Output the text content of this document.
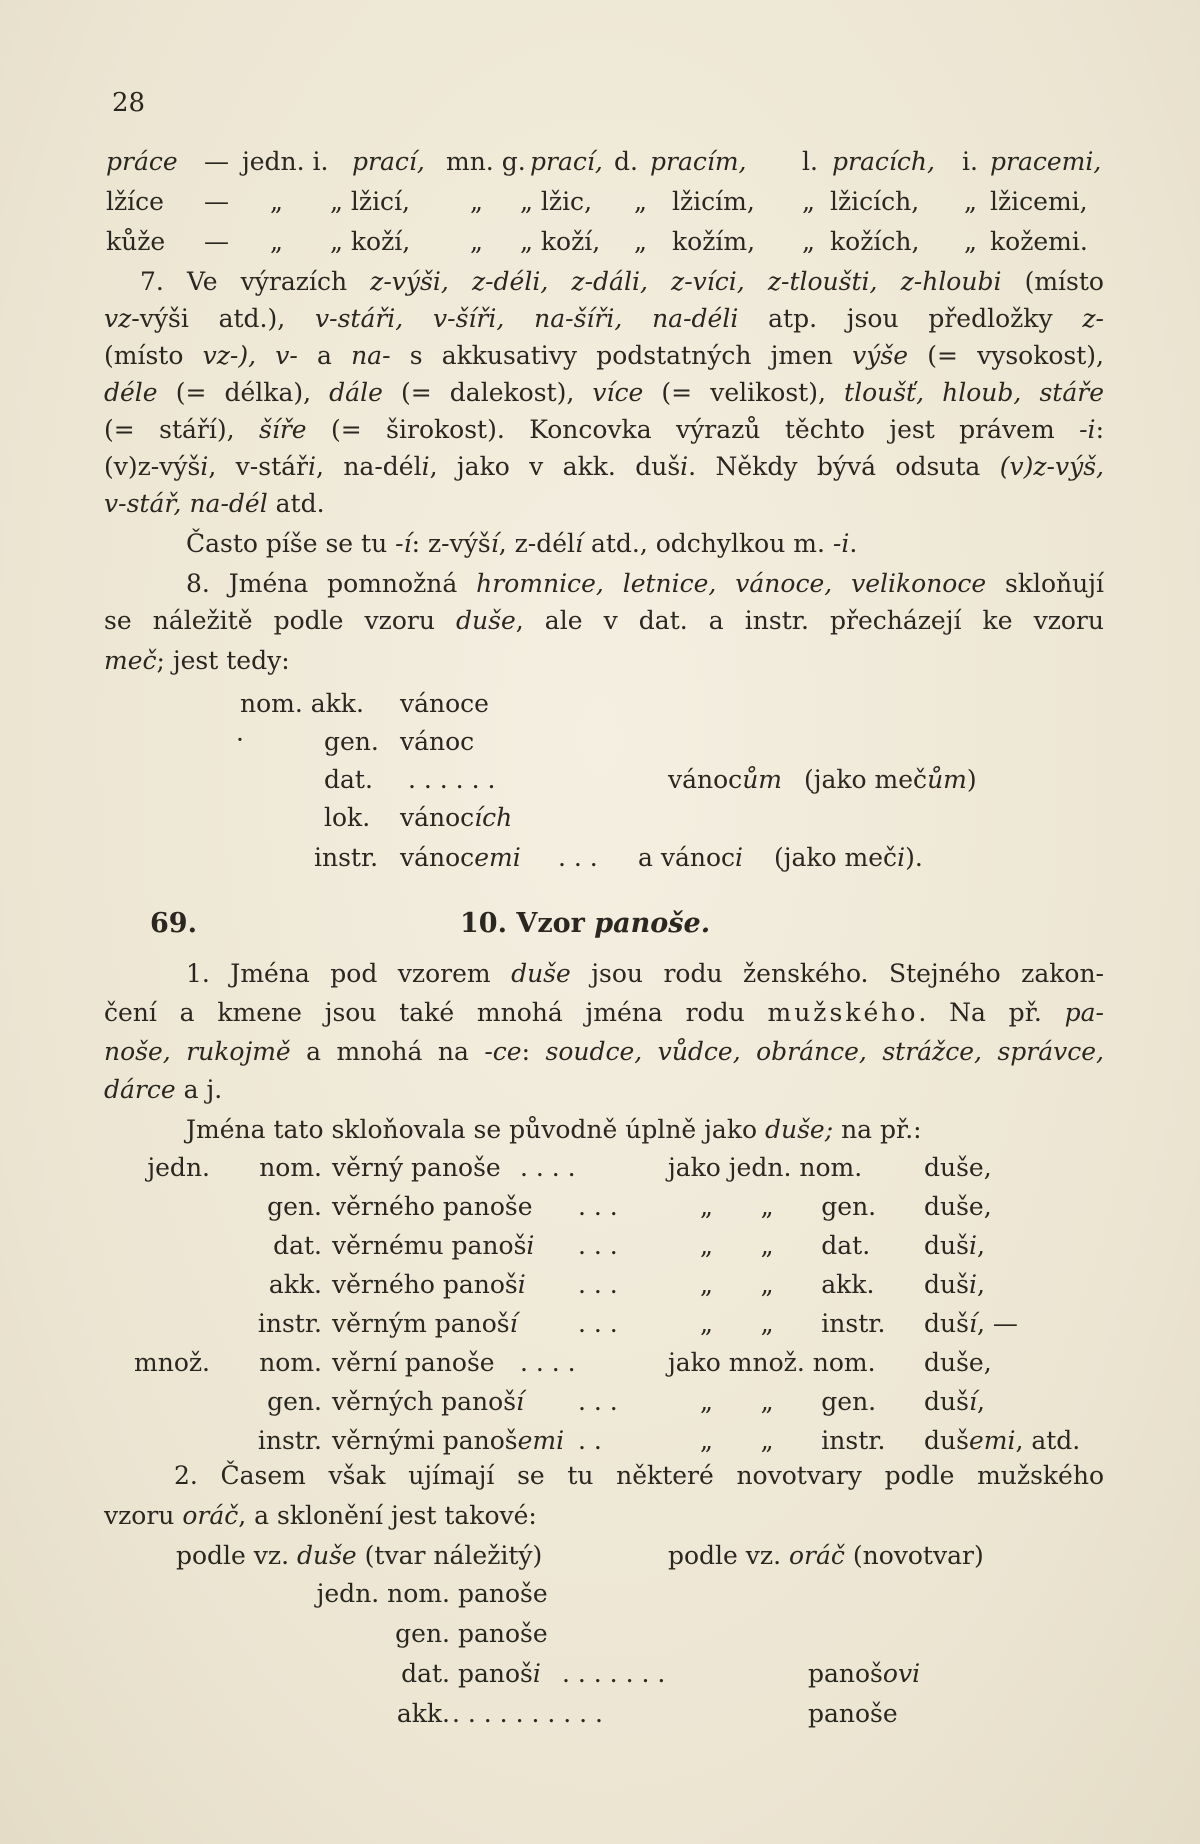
28
práce — jedn. i. prací, mn. g. prací, d. pracím, l. pracích, i. pracemi,
lžíce — „ „ lžicí, „ „ lžic, „ lžicím, „ lžicích, „ lžicemi,
kůže — „ „ koží, „ „ koží, „ kožím, „ kožích, „ kožemi.

7. Ve výrazích z-výši, z-déli, z-dáli, z-víci, z-tloušti, z-hloubi (místo

vz-výši atd.), v-stáři, v-šíři, na-šíři, na-déli atp. jsou předložky z-

(místo vz-), v- a na- s akkusativy podstatných jmen výše (= vysokost),

déle (= délka), dále (= dalekost), více (= velikost), tloušť, hloub, stáře

(= stáří), šíře (= širokost). Koncovka výrazů těchto jest právem -i:

(v)z-výši, v-stáři, na-déli, jako v akk. duši. Někdy bývá odsuta (v)z-výš,

v-stář, na-dél atd.

Často píše se tu -í: z-výší, z-délí atd., odchylkou m. -i.

8. Jména pomnožná hromnice, letnice, vánoce, velikonoce skloňují

se náležitě podle vzoru duše, ale v dat. a instr. přecházejí ke vzoru

meč; jest tedy:

nom. akk. vánoce
·	gen. vánoc
dat. . . . . . .	vánocům (jako mečům)
lok. vánocích
instr. vánocemi . . . a vánoci (jako meči).
69.	10. Vzor panoše.

1. Jména pod vzorem duše jsou rodu ženského. Stejného zakon-

čení a kmene jsou také mnohá jména rodu mužského. Na př. pa-

noše, rukojmě a mnohá na -ce: soudce, vůdce, obránce, strážce, správce,

dárce a j.

Jména tato skloňovala se původně úplně jako duše; na př.:

jedn.	nom. věrný panoše . . . .	jako jedn. nom. duše,
gen. věrného panoše . . .	„      „      gen. duše,
dat. věrnému panoši . . .	„      „      dat. duši,
akk. věrného panoši . . .	„      „      akk. duši,
instr. věrným panoší . . .	„      „      instr. duší, —
množ.	nom. věrní panoše . . . .	jako množ. nom. duše,
gen. věrných panoší . . .	„      „      gen. duší,
instr. věrnými panošemi . .	„      „      instr. dušemi, atd.

2. Časem však ujímají se tu některé novotvary podle mužského

vzoru oráč, a sklonění jest takové:

podle vz. duše (tvar náležitý)	podle vz. oráč (novotvar)
jedn. nom. panoše
gen. panoše
dat. panoši . . . . . . .	panošovi
akk. . . . . . . . . . .	panoše
